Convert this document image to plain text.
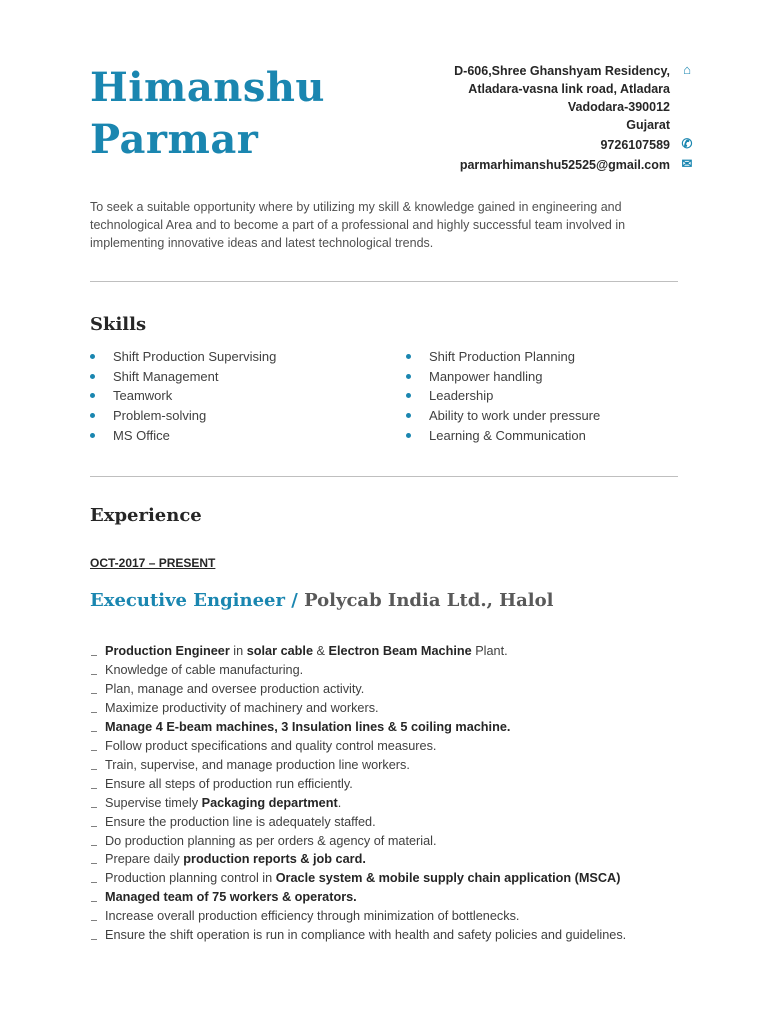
Himanshu
Parmar
D-606,Shree Ghanshyam Residency, ⌂
Atladara-vasna link road, Atladara
Vadodara-390012
Gujarat
9726107589 ✆
parmarhimanshu52525@gmail.com ✉
To seek a suitable opportunity where by utilizing my skill & knowledge gained in engineering and technological Area and to become a part of a professional and highly successful team involved in implementing innovative ideas and latest technological trends.
Skills
Shift Production Supervising
Shift Management
Teamwork
Problem-solving
MS Office
Shift Production Planning
Manpower handling
Leadership
Ability to work under pressure
Learning & Communication
Experience
OCT-2017 – PRESENT
Executive Engineer / Polycab India Ltd., Halol
Production Engineer in solar cable & Electron Beam Machine Plant.
Knowledge of cable manufacturing.
Plan, manage and oversee production activity.
Maximize productivity of machinery and workers.
Manage 4 E-beam machines, 3 Insulation lines & 5 coiling machine.
Follow product specifications and quality control measures.
Train, supervise, and manage production line workers.
Ensure all steps of production run efficiently.
Supervise timely Packaging department.
Ensure the production line is adequately staffed.
Do production planning as per orders & agency of material.
Prepare daily production reports & job card.
Production planning control in Oracle system & mobile supply chain application (MSCA)
Managed team of 75 workers & operators.
Increase overall production efficiency through minimization of bottlenecks.
Ensure the shift operation is run in compliance with health and safety policies and guidelines.
